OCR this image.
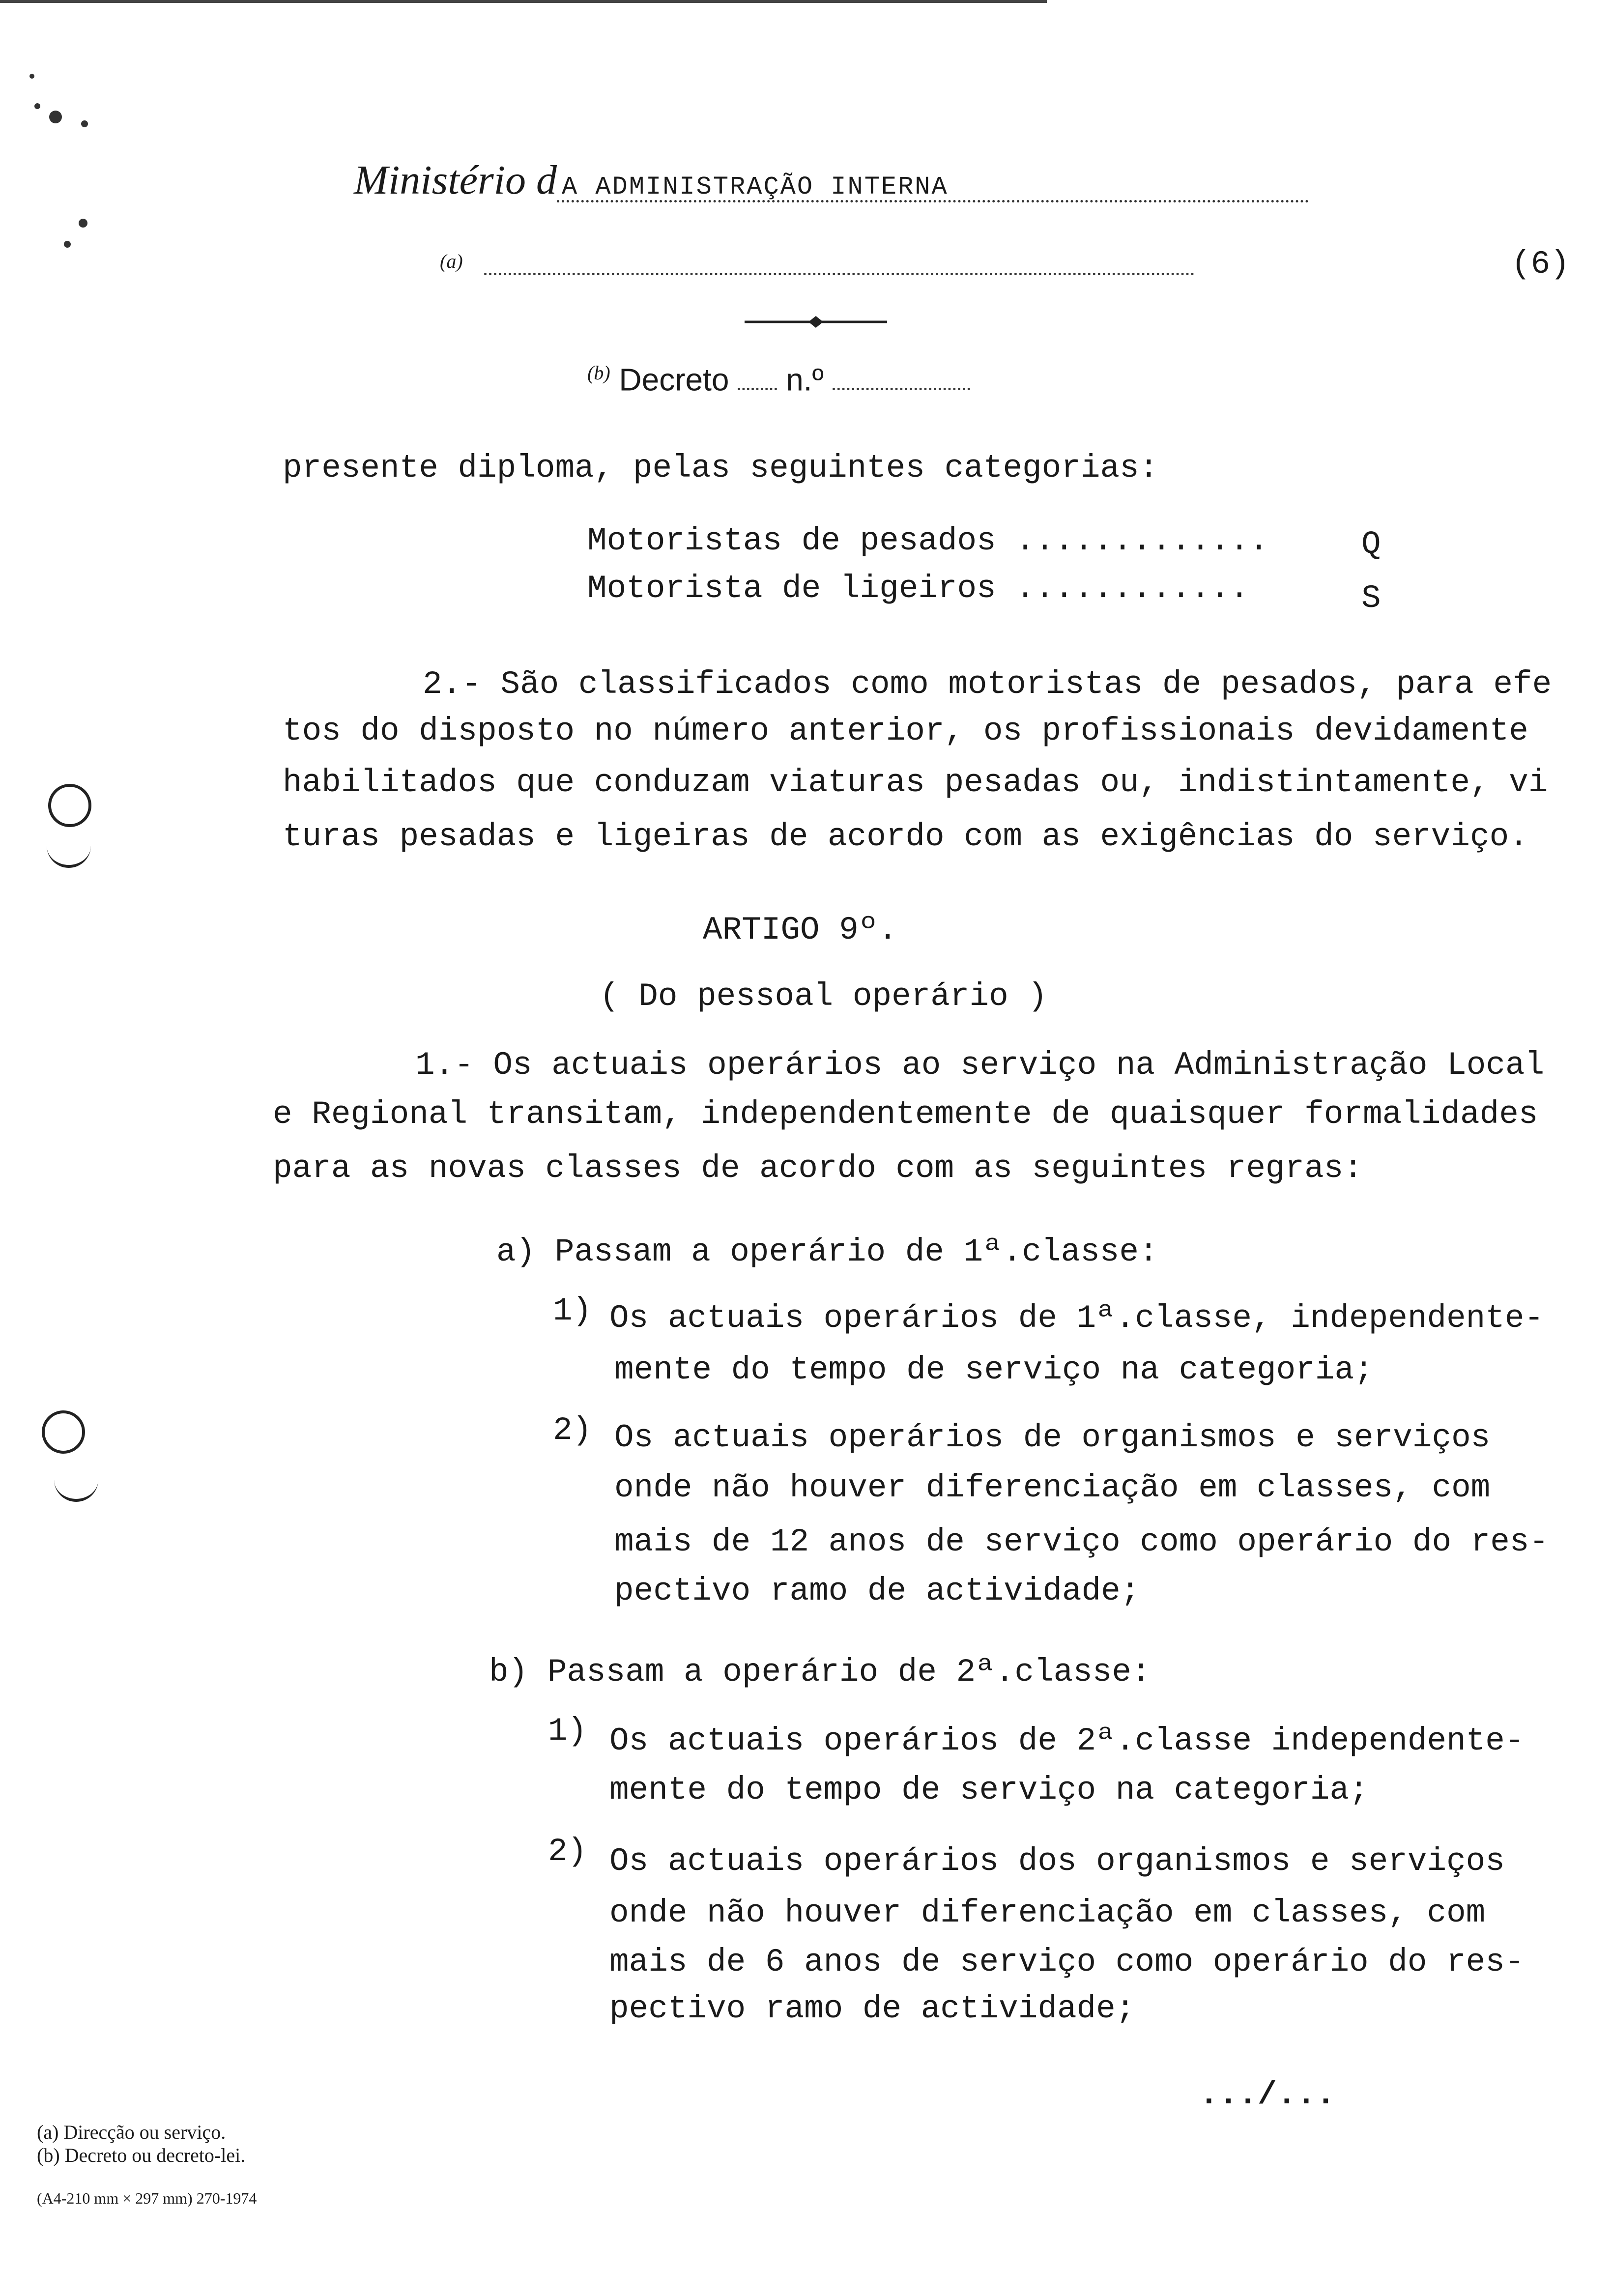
Ministério d A ADMINISTRAÇÃO INTERNA
(a)	(6)
$^{(b)}$ Decreto n.º
presente diploma, pelas seguintes categorias:
Motoristas de pesados .............	Q
Motorista de ligeiros ............	S
2.- São classificados como motoristas de pesados, para efe
tos do disposto no número anterior, os profissionais devidamente
habilitados que conduzam viaturas pesadas ou, indistintamente, vi
turas pesadas e ligeiras de acordo com as exigências do serviço.
ARTIGO 9º.
( Do pessoal operário )
1.- Os actuais operários ao serviço na Administração Local
e Regional transitam, independentemente de quaisquer formalidades
para as novas classes de acordo com as seguintes regras:
a) Passam a operário de 1ª.classe:
1) Os actuais operários de 1ª.classe, independente-
mente do tempo de serviço na categoria;
2) Os actuais operários de organismos e serviços
onde não houver diferenciação em classes, com
mais de 12 anos de serviço como operário do res-
pectivo ramo de actividade;
b) Passam a operário de 2ª.classe:
1) Os actuais operários de 2ª.classe independente-
mente do tempo de serviço na categoria;
2) Os actuais operários dos organismos e serviços
onde não houver diferenciação em classes, com
mais de 6 anos de serviço como operário do res-
pectivo ramo de actividade;
.../...
(a) Direcção ou serviço.
(b) Decreto ou decreto-lei.
(A4-210 mm × 297 mm) 270-1974
